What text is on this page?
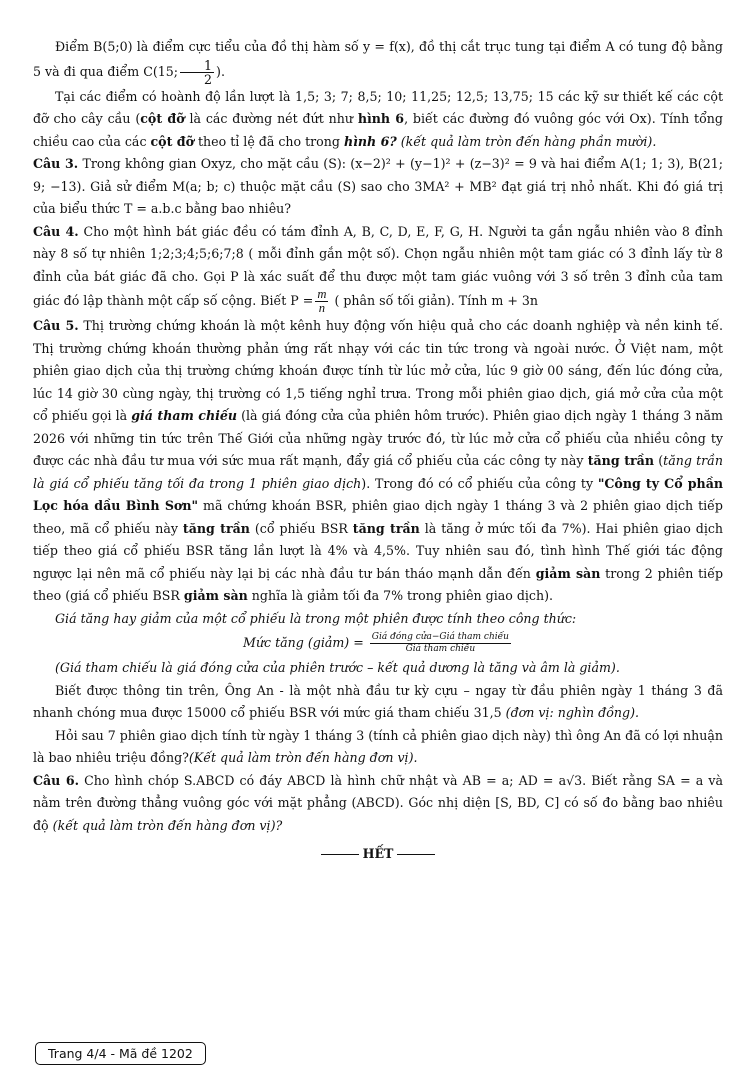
Điểm B(5;0) là điểm cực tiểu của đồ thị hàm số y = f(x), đồ thị cắt trục tung tại điểm A có tung độ bằng 5 và đi qua điểm C(15; $\frac{1}{2}$ ).

Tại các điểm có hoành độ lần lượt là 1,5; 3; 7; 8,5; 10; 11,25; 12,5; 13,75; 15 các kỹ sư thiết kế các cột đỡ cho cây cầu (cột đỡ là các đường nét đứt như hình 6, biết các đường đó vuông góc với Ox). Tính tổng chiều cao của các cột đỡ theo tỉ lệ đã cho trong hình 6? (kết quả làm tròn đến hàng phần mười).

Câu 3. Trong không gian Oxyz, cho mặt cầu (S): (x−2)² + (y−1)² + (z−3)² = 9 và hai điểm A(1; 1; 3), B(21; 9; −13). Giả sử điểm M(a; b; c) thuộc mặt cầu (S) sao cho 3MA² + MB² đạt giá trị nhỏ nhất. Khi đó giá trị của biểu thức T = a.b.c bằng bao nhiêu?

Câu 4. Cho một hình bát giác đều có tám đỉnh A, B, C, D, E, F, G, H. Người ta gắn ngẫu nhiên vào 8 đỉnh này 8 số tự nhiên 1;2;3;4;5;6;7;8 ( mỗi đỉnh gắn một số). Chọn ngẫu nhiên một tam giác có 3 đỉnh lấy từ 8 đỉnh của bát giác đã cho. Gọi P là xác suất để thu được một tam giác vuông với 3 số trên 3 đỉnh của tam giác đó lập thành một cấp số cộng. Biết $P = \frac{m}{n}$ ( phân số tối giản). Tính m + 3n

Câu 5. Thị trường chứng khoán là một kênh huy động vốn hiệu quả cho các doanh nghiệp và nền kinh tế. Thị trường chứng khoán thường phản ứng rất nhạy với các tin tức trong và ngoài nước. Ở Việt nam, một phiên giao dịch của thị trường chứng khoán được tính từ lúc mở cửa, lúc 9 giờ 00 sáng, đến lúc đóng cửa, lúc 14 giờ 30 cùng ngày, thị trường có 1,5 tiếng nghỉ trưa. Trong mỗi phiên giao dịch, giá mở cửa của một cổ phiếu gọi là giá tham chiếu (là giá đóng cửa của phiên hôm trước). Phiên giao dịch ngày 1 tháng 3 năm 2026 với những tin tức trên Thế Giới của những ngày trước đó, từ lúc mở cửa cổ phiếu của nhiều công ty được các nhà đầu tư mua với sức mua rất mạnh, đẩy giá cổ phiếu của các công ty này tăng trần (tăng trần là giá cổ phiếu tăng tối đa trong 1 phiên giao dịch). Trong đó có cổ phiếu của công ty "Công ty Cổ phần Lọc hóa dầu Bình Sơn" mã chứng khoán BSR, phiên giao dịch ngày 1 tháng 3 và 2 phiên giao dịch tiếp theo, mã cổ phiếu này tăng trần (cổ phiếu BSR tăng trần là tăng ở mức tối đa 7%). Hai phiên giao dịch tiếp theo giá cổ phiếu BSR tăng lần lượt là 4% và 4,5%. Tuy nhiên sau đó, tình hình Thế giới tác động ngược lại nên mã cổ phiếu này lại bị các nhà đầu tư bán tháo mạnh dẫn đến giảm sàn trong 2 phiên tiếp theo (giá cổ phiếu BSR giảm sàn nghĩa là giảm tối đa 7% trong phiên giao dịch).

Giá tăng hay giảm của một cổ phiếu là trong một phiên được tính theo công thức:

Mức tăng (giảm) = $\frac{\text{Giá đóng cửa−Giá tham chiếu}}{\text{Giá tham chiếu}}$

(Giá tham chiếu là giá đóng cửa của phiên trước – kết quả dương là tăng và âm là giảm).

Biết được thông tin trên, Ông An - là một nhà đầu tư kỳ cựu – ngay từ đầu phiên ngày 1 tháng 3 đã nhanh chóng mua được 15000 cổ phiếu BSR với mức giá tham chiếu 31,5 (đơn vị: nghìn đồng).

Hỏi sau 7 phiên giao dịch tính từ ngày 1 tháng 3 (tính cả phiên giao dịch này) thì ông An đã có lợi nhuận là bao nhiêu triệu đồng?(Kết quả làm tròn đến hàng đơn vị).

Câu 6. Cho hình chóp S.ABCD có đáy ABCD là hình chữ nhật và AB = a; AD = a√3. Biết rằng SA = a và nằm trên đường thẳng vuông góc với mặt phẳng (ABCD). Góc nhị diện [S, BD, C] có số đo bằng bao nhiêu độ (kết quả làm tròn đến hàng đơn vị)?

HẾT
Trang 4/4 - Mã đề 1202
